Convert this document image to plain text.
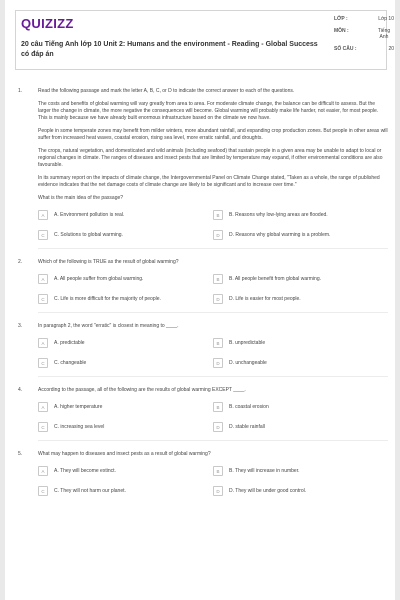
QUIZIZZ
20 câu Tiếng Anh lớp 10 Unit 2: Humans and the environment - Reading - Global Success có đáp án
LỚP :	Lớp 10
MÔN :	Tiếng Anh
SỐ CÂU :	20
1.	Read the following passage and mark the letter A, B, C, or D to indicate the correct answer to each of the questions.

The costs and benefits of global warming will vary greatly from area to area. For moderate climate change, the balance can be difficult to assess. But the larger the change in climate, the more negative the consequences will become. Global warming will probably make life harder, not easier, for most people. This is mainly because we have already built enormous infrastructure based on the climate we now have.

People in some temperate zones may benefit from milder winters, more abundant rainfall, and expanding crop production zones. But people in other areas will suffer from increased heat waves, coastal erosion, rising sea level, more erratic rainfall, and droughts.

The crops, natural vegetation, and domesticated and wild animals (including seafood) that sustain people in a given area may be unable to adapt to local or regional changes in climate. The ranges of diseases and insect pests that are limited by temperature may expand, if other environmental conditions are also favourable.

In its summary report on the impacts of climate change, the Intergovernmental Panel on Climate Change stated, "Taken as a whole, the range of published evidence indicates that the net damage costs of climate change are likely to be significant and to increase over time."

What is the main idea of the passage?

A	A. Environment pollution is real.	B	B. Reasons why low-lying areas are flooded.
C	C. Solutions to global warming.	D	D. Reasons why global warming is a problem.
2.	Which of the following is TRUE as the result of global warming?
A	A. All people suffer from global warming.	B	B. All people benefit from global warming.
C	C. Life is more difficult for the majority of people.	D	D. Life is easier for most people.
3.	In paragraph 2, the word "erratic" is closest in meaning to ____.
A	A. predictable	B	B. unpredictable
C	C. changeable	D	D. unchangeable
4.	According to the passage, all of the following are the results of global warming EXCEPT ____.
A	A. higher temperature	B	B. coastal erosion
C	C. increasing sea level	D	D. stable rainfall
5.	What may happen to diseases and insect pests as a result of global warming?
A	A. They will become extinct.	B	B. They will increase in number.
C	C. They will not harm our planet.	D	D. They will be under good control.
